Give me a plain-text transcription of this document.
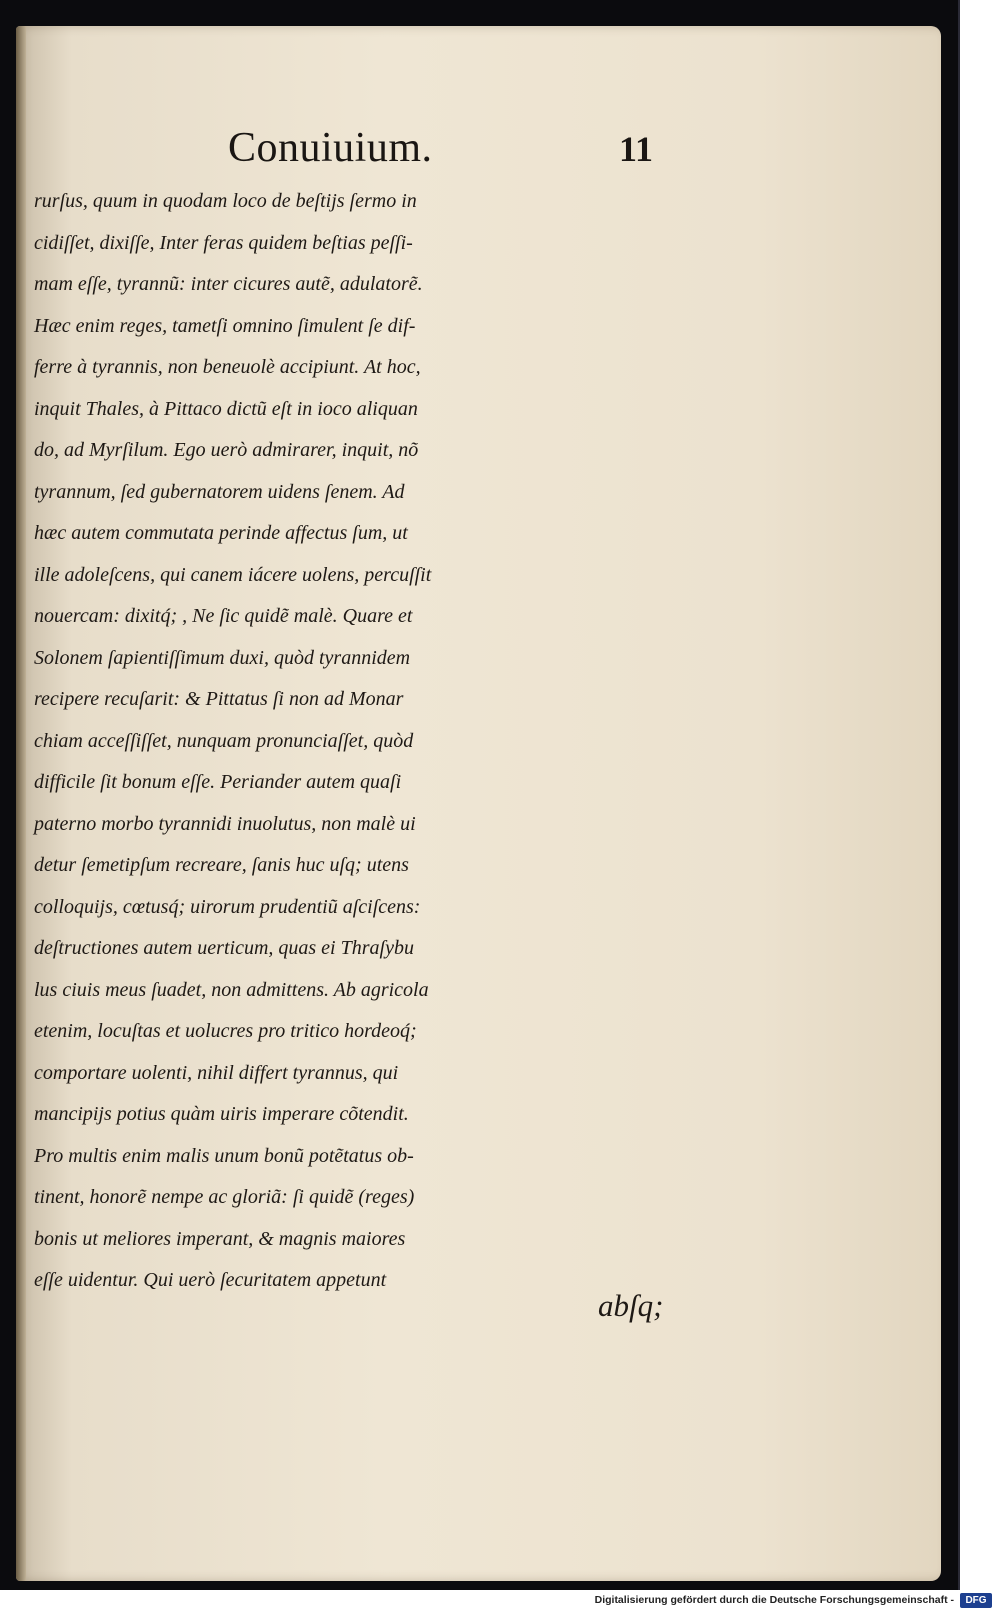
Conuiuium.	11
rurſus, quum in quodam loco de beſtijs ſermo in
cidiſſet, dixiſſe, Inter feras quidem beſtias peſſi-
mam eſſe, tyrannũ: inter cicures autẽ, adulatorẽ.
Hæc enim reges, tametſi omnino ſimulent ſe dif-
ferre à tyrannis, non beneuolè accipiunt. At hoc,
inquit Thales, à Pittaco dictũ eſt in ioco aliquan
do, ad Myrſilum. Ego uerò admirarer, inquit, nõ
tyrannum, ſed gubernatorem uidens ſenem. Ad
hæc autem commutata perinde affectus ſum, ut
ille adoleſcens, qui canem iácere uolens, percuſſit
nouercam: dixitq́; , Ne ſic quidẽ malè. Quare et
Solonem ſapientiſſimum duxi, quòd tyrannidem
recipere recuſarit: & Pittatus ſi non ad Monar
chiam acceſſiſſet, nunquam pronunciaſſet, quòd
difficile ſit bonum eſſe. Periander autem quaſi
paterno morbo tyrannidi inuolutus, non malè ui
detur ſemetipſum recreare, ſanis huc uſq; utens
colloquijs, cœtusq́; uirorum prudentiũ aſciſcens:
deſtructiones autem uerticum, quas ei Thraſybu
lus ciuis meus ſuadet, non admittens. Ab agricola
etenim, locuſtas et uolucres pro tritico hordeoq́;
comportare uolenti, nihil differt tyrannus, qui
mancipijs potius quàm uiris imperare cõtendit.
Pro multis enim malis unum bonũ potẽtatus ob-
tinent, honorẽ nempe ac gloriã: ſi quidẽ (reges)
bonis ut meliores imperant, & magnis maiores
eſſe uidentur. Qui uerò ſecuritatem appetunt
abſq;
Digitalisierung gefördert durch die Deutsche Forschungsgemeinschaft -	DFG
